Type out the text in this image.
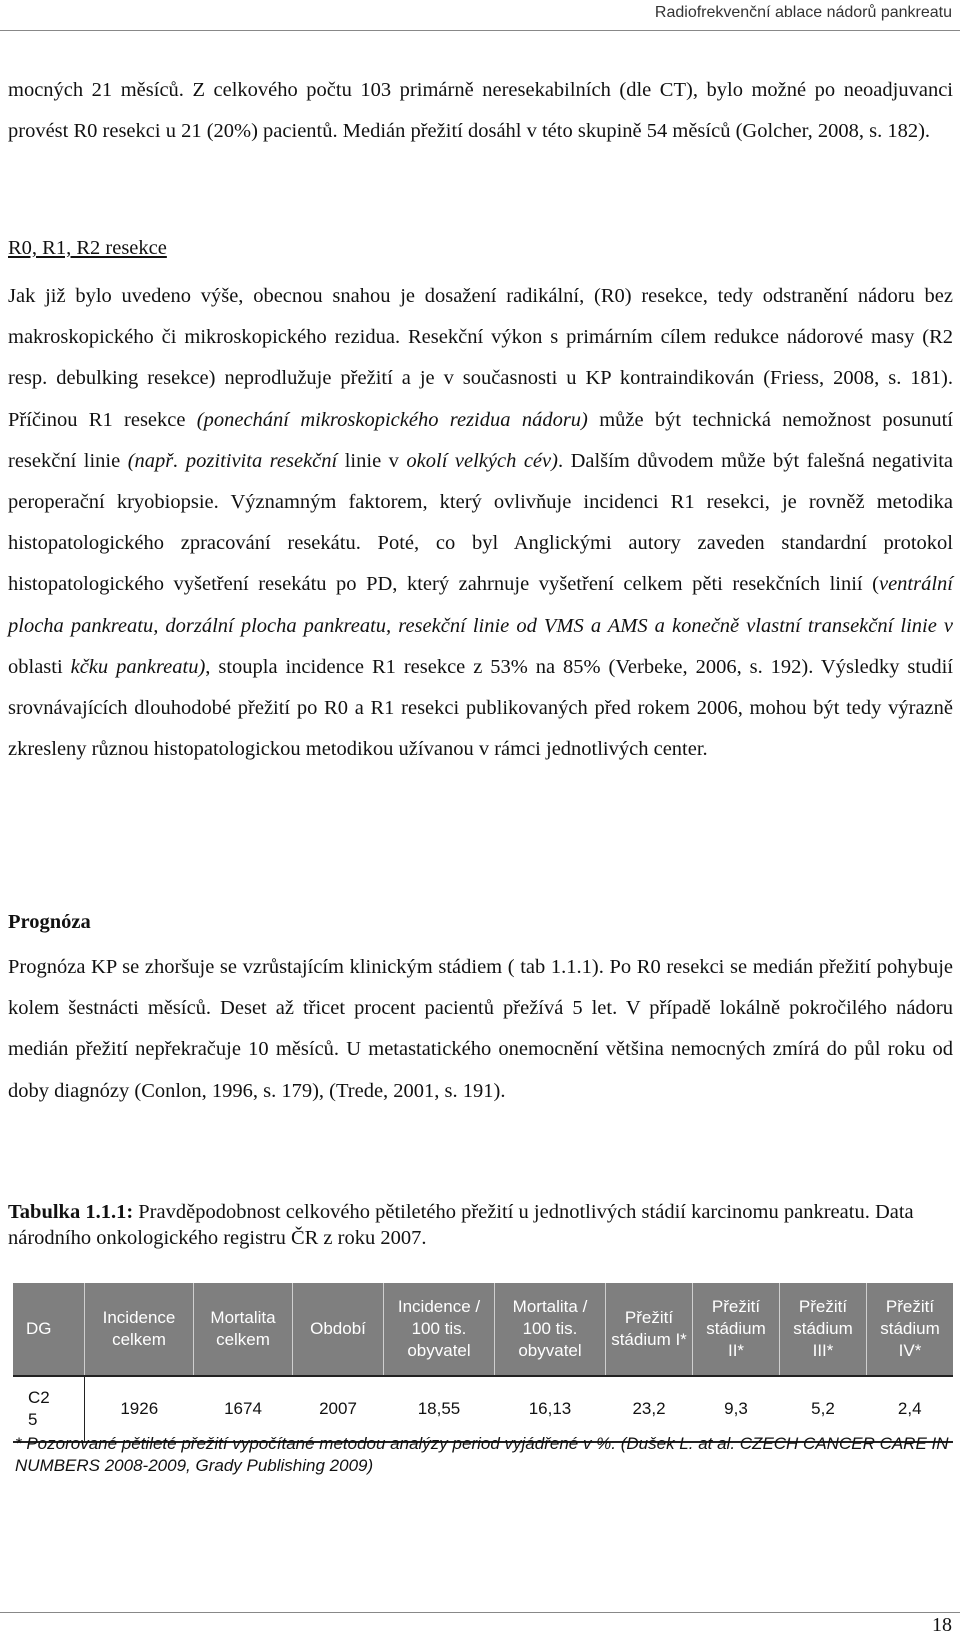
Radiofrekvenční ablace nádorů pankreatu

mocných 21 měsíců. Z celkového počtu 103 primárně neresekabilních (dle CT), bylo možné po neoadjuvanci provést R0 resekci u 21 (20%) pacientů. Medián přežití dosáhl v této skupině 54 měsíců (Golcher, 2008, s. 182).

R0, R1, R2 resekce

Jak již bylo uvedeno výše, obecnou snahou je dosažení radikální, (R0) resekce, tedy odstranění nádoru bez makroskopického či mikroskopického rezidua. Resekční výkon s primárním cílem redukce nádorové masy (R2 resp. debulking resekce) neprodlužuje přežití a je v současnosti u KP kontraindikován (Friess, 2008, s. 181). Příčinou R1 resekce (ponechání mikroskopického rezidua nádoru) může být technická nemožnost posunutí resekční linie (např. pozitivita resekční linie v okolí velkých cév). Dalším důvodem může být falešná negativita peroperační kryobiopsie. Významným faktorem, který ovlivňuje incidenci R1 resekci, je rovněž metodika histopatologického zpracování resekátu. Poté, co byl Anglickými autory zaveden standardní protokol histopatologického vyšetření resekátu po PD, který zahrnuje vyšetření celkem pěti resekčních linií (ventrální plocha pankreatu, dorzální plocha pankreatu, resekční linie od VMS a AMS a konečně vlastní transekční linie v oblasti kčku pankreatu), stoupla incidence R1 resekce z 53% na 85% (Verbeke, 2006, s. 192). Výsledky studií srovnávajících dlouhodobé přežití po R0 a R1 resekci publikovaných před rokem 2006, mohou být tedy výrazně zkresleny různou histopatologickou metodikou užívanou v rámci jednotlivých center.

Prognóza

Prognóza KP se zhoršuje se vzrůstajícím klinickým stádiem ( tab 1.1.1). Po R0 resekci se medián přežití pohybuje kolem šestnácti měsíců. Deset až třicet procent pacientů přežívá 5 let. V případě lokálně pokročilého nádoru medián přežití nepřekračuje 10 měsíců. U metastatického onemocnění většina nemocných zmírá do půl roku od doby diagnózy (Conlon, 1996, s. 179), (Trede, 2001, s. 191).

Tabulka 1.1.1: Pravděpodobnost celkového pětiletého přežití u jednotlivých stádií karcinomu pankreatu. Data národního onkologického registru ČR z roku 2007.

DG	Incidence celkem	Mortalita celkem	Období	Incidence / 100 tis. obyvatel	Mortalita / 100 tis. obyvatel	Přežití stádium I*	Přežití stádium II*	Přežití stádium III*	Přežití stádium IV*
C25	1926	1674	2007	18,55	16,13	23,2	9,3	5,2	2,4

* Pozorované pětileté přežití vypočítané metodou analýzy period vyjádřené v %. (Dušek L. at al. CZECH CANCER CARE IN NUMBERS 2008-2009, Grady Publishing 2009)

18
